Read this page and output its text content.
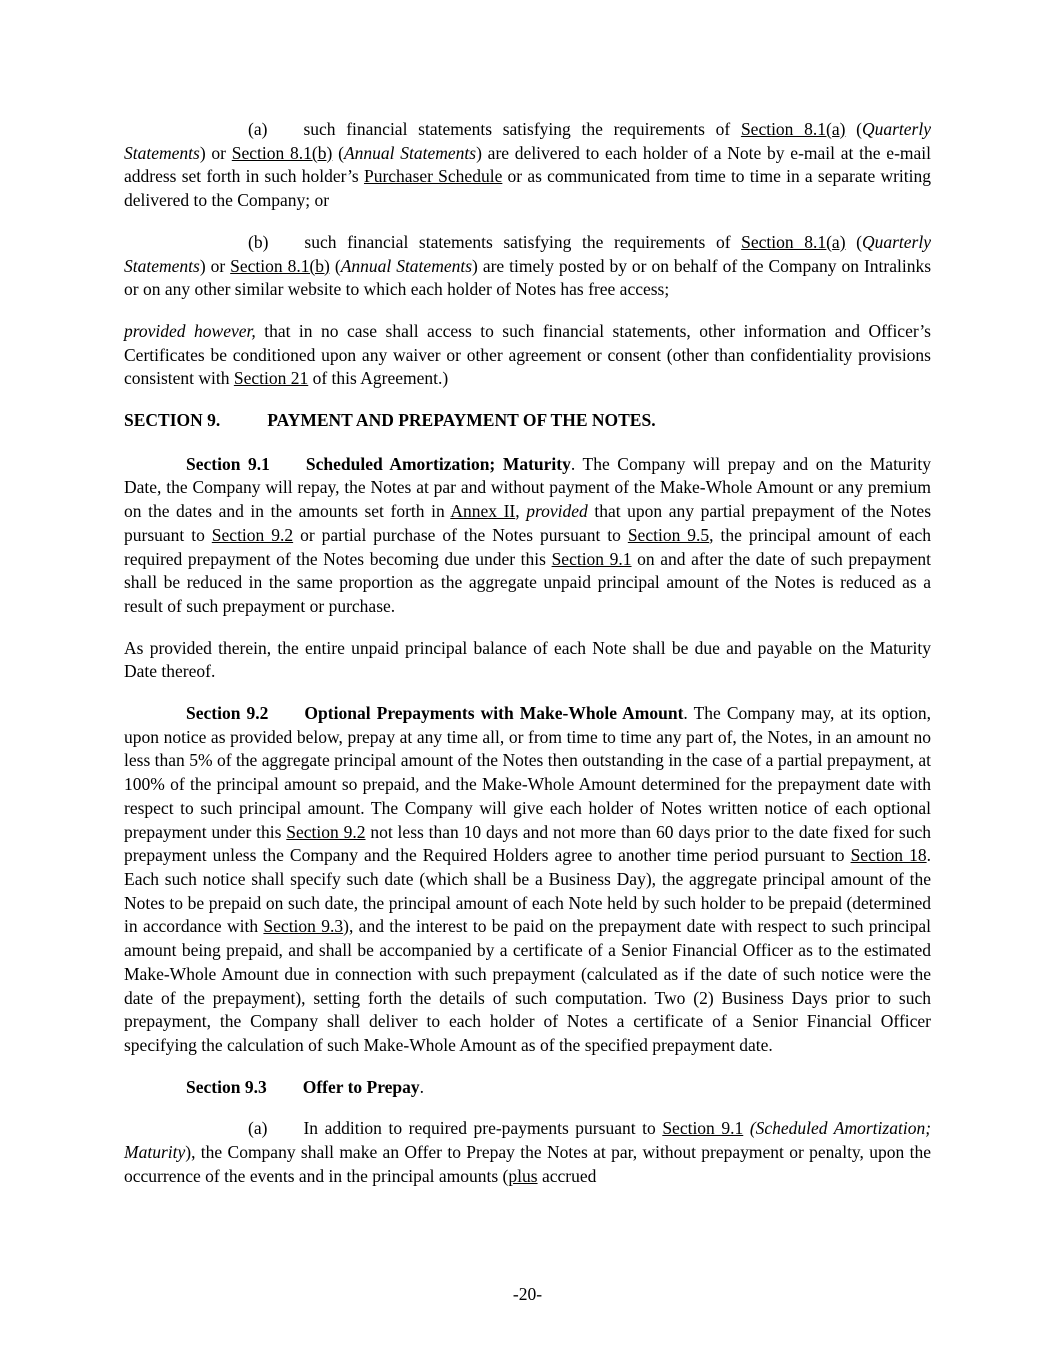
(a) such financial statements satisfying the requirements of Section 8.1(a) (Quarterly Statements) or Section 8.1(b) (Annual Statements) are delivered to each holder of a Note by e-mail at the e-mail address set forth in such holder’s Purchaser Schedule or as communicated from time to time in a separate writing delivered to the Company; or

(b) such financial statements satisfying the requirements of Section 8.1(a) (Quarterly Statements) or Section 8.1(b) (Annual Statements) are timely posted by or on behalf of the Company on Intralinks or on any other similar website to which each holder of Notes has free access;

provided however, that in no case shall access to such financial statements, other information and Officer’s Certificates be conditioned upon any waiver or other agreement or consent (other than confidentiality provisions consistent with Section 21 of this Agreement.)

SECTION 9.	PAYMENT AND PREPAYMENT OF THE NOTES.

Section 9.1 Scheduled Amortization; Maturity. The Company will prepay and on the Maturity Date, the Company will repay, the Notes at par and without payment of the Make-Whole Amount or any premium on the dates and in the amounts set forth in Annex II, provided that upon any partial prepayment of the Notes pursuant to Section 9.2 or partial purchase of the Notes pursuant to Section 9.5, the principal amount of each required prepayment of the Notes becoming due under this Section 9.1 on and after the date of such prepayment shall be reduced in the same proportion as the aggregate unpaid principal amount of the Notes is reduced as a result of such prepayment or purchase.

As provided therein, the entire unpaid principal balance of each Note shall be due and payable on the Maturity Date thereof.

Section 9.2 Optional Prepayments with Make-Whole Amount. The Company may, at its option, upon notice as provided below, prepay at any time all, or from time to time any part of, the Notes, in an amount no less than 5% of the aggregate principal amount of the Notes then outstanding in the case of a partial prepayment, at 100% of the principal amount so prepaid, and the Make-Whole Amount determined for the prepayment date with respect to such principal amount. The Company will give each holder of Notes written notice of each optional prepayment under this Section 9.2 not less than 10 days and not more than 60 days prior to the date fixed for such prepayment unless the Company and the Required Holders agree to another time period pursuant to Section 18. Each such notice shall specify such date (which shall be a Business Day), the aggregate principal amount of the Notes to be prepaid on such date, the principal amount of each Note held by such holder to be prepaid (determined in accordance with Section 9.3), and the interest to be paid on the prepayment date with respect to such principal amount being prepaid, and shall be accompanied by a certificate of a Senior Financial Officer as to the estimated Make-Whole Amount due in connection with such prepayment (calculated as if the date of such notice were the date of the prepayment), setting forth the details of such computation. Two (2) Business Days prior to such prepayment, the Company shall deliver to each holder of Notes a certificate of a Senior Financial Officer specifying the calculation of such Make-Whole Amount as of the specified prepayment date.

Section 9.3 Offer to Prepay.

(a) In addition to required pre-payments pursuant to Section 9.1 (Scheduled Amortization; Maturity), the Company shall make an Offer to Prepay the Notes at par, without prepayment or penalty, upon the occurrence of the events and in the principal amounts (plus accrued

-20-
